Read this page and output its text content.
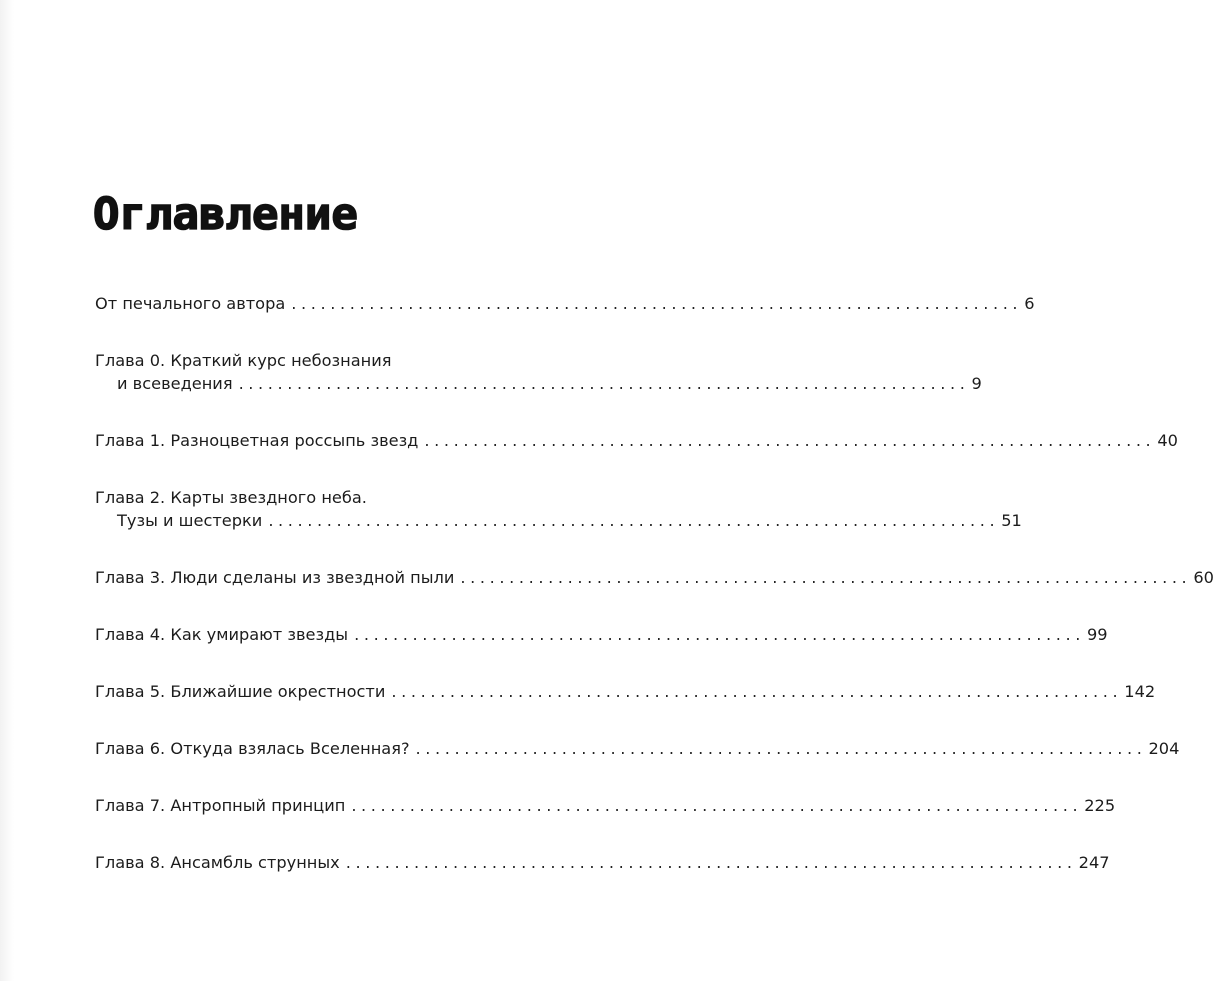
Оглавление
От печального автора ........................................................................... 6
Глава 0. Краткий курс небознания
и всеведения ........................................................................... 9
Глава 1. Разноцветная россыпь звезд ........................................................................... 40
Глава 2. Карты звездного неба.
Тузы и шестерки ........................................................................... 51
Глава 3. Люди сделаны из звездной пыли ........................................................................... 60
Глава 4. Как умирают звезды ........................................................................... 99
Глава 5. Ближайшие окрестности ........................................................................... 142
Глава 6. Откуда взялась Вселенная? ........................................................................... 204
Глава 7. Антропный принцип ........................................................................... 225
Глава 8. Ансамбль струнных ........................................................................... 247
